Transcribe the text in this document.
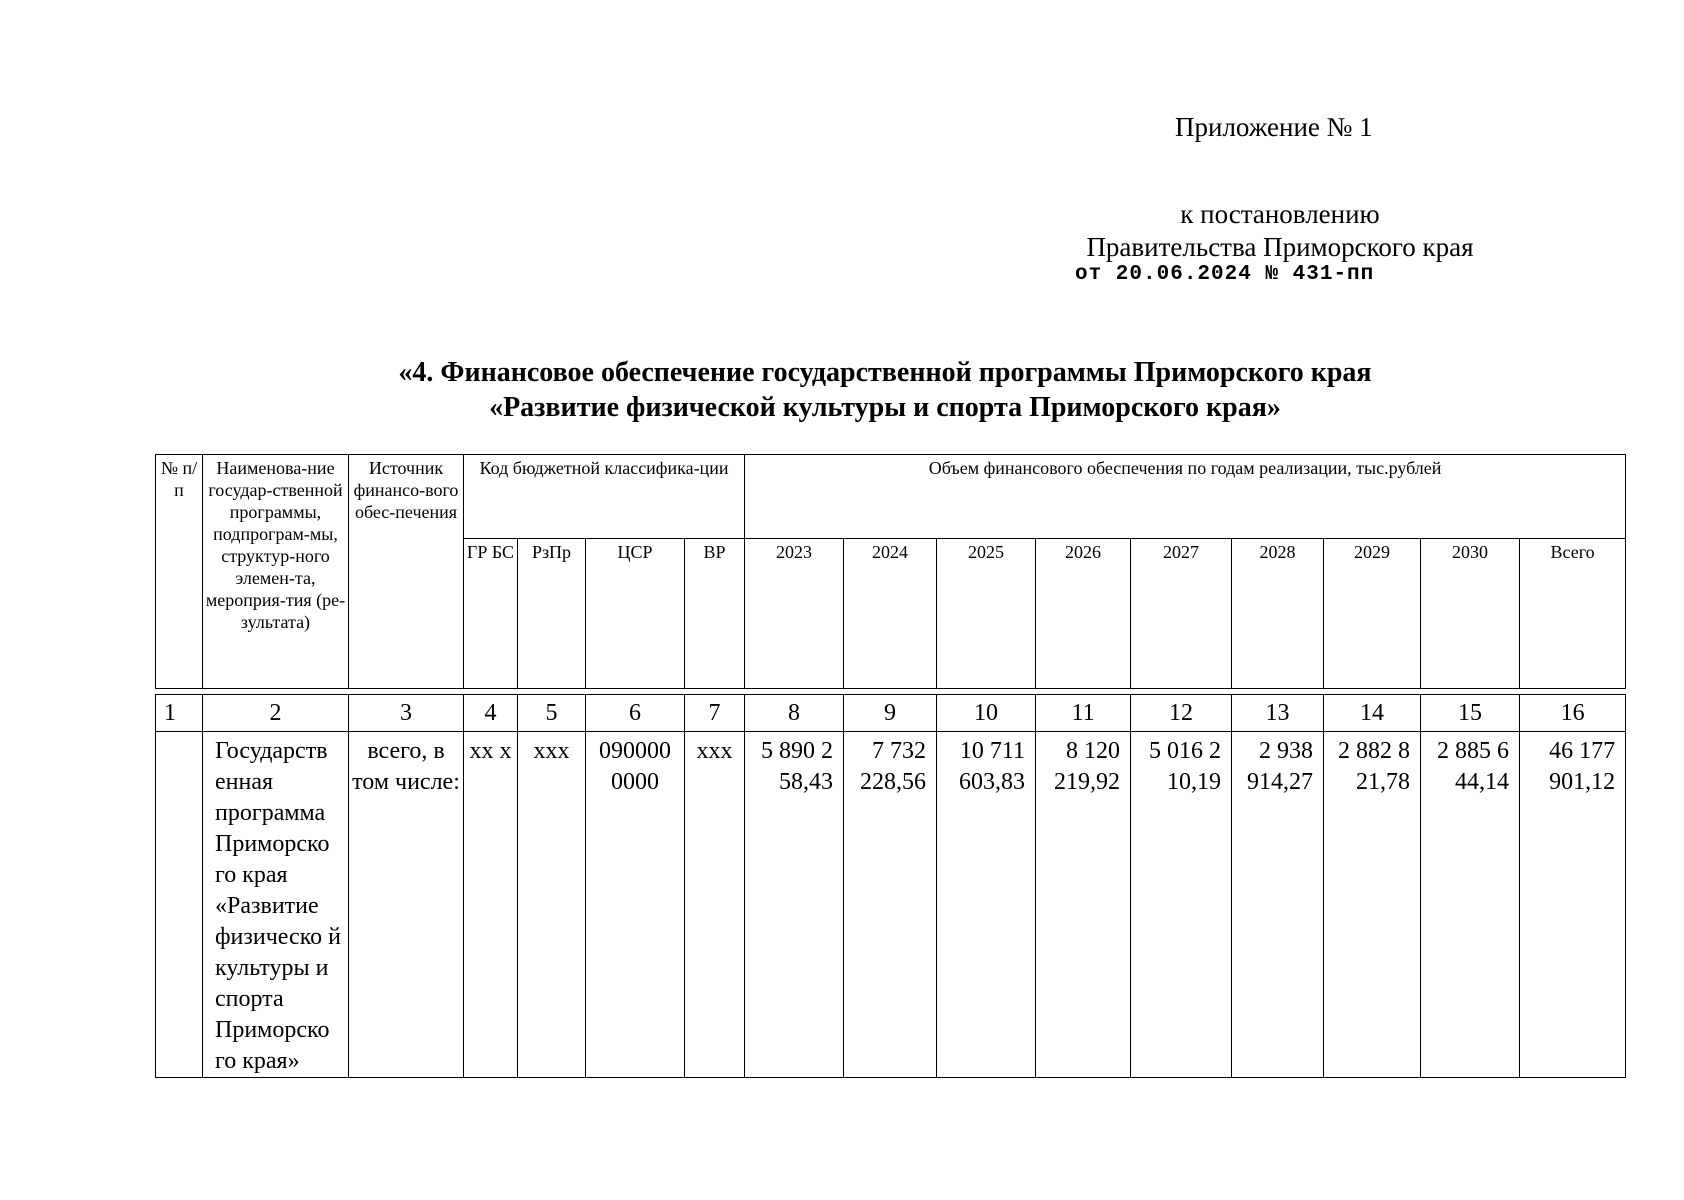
Приложение № 1
к постановлению
Правительства Приморского края
от 20.06.2024 № 431-пп
«4. Финансовое обеспечение государственной программы Приморского края
«Развитие физической культуры и спорта Приморского края»
№ п/п	Наименова-ние государ-ственной программы, подпрограм-мы, структур-ного элемен-та, мероприя-тия (ре-зультата)	Источник финансо-вого обес-печения	Код бюджетной классифика-ции				Объем финансового обеспечения по годам реализации, тыс.рублей								
			ГР БС	РзПр	ЦСР	ВР	2023	2024	2025	2026	2027	2028	2029	2030	Всего

1	2	3	4	5	6	7	8	9	10	11	12	13	14	15	16
	Государств енная программа Приморско го края «Развитие физическо й культуры и спорта Приморско го края»	всего, в том числе:	хх х	ххх	090000 0000	ххх	5 890 2 58,43	7 732 228,56	10 711 603,83	8 120 219,92	5 016 2 10,19	2 938 914,27	2 882 8 21,78	2 885 6 44,14	46 177 901,12
